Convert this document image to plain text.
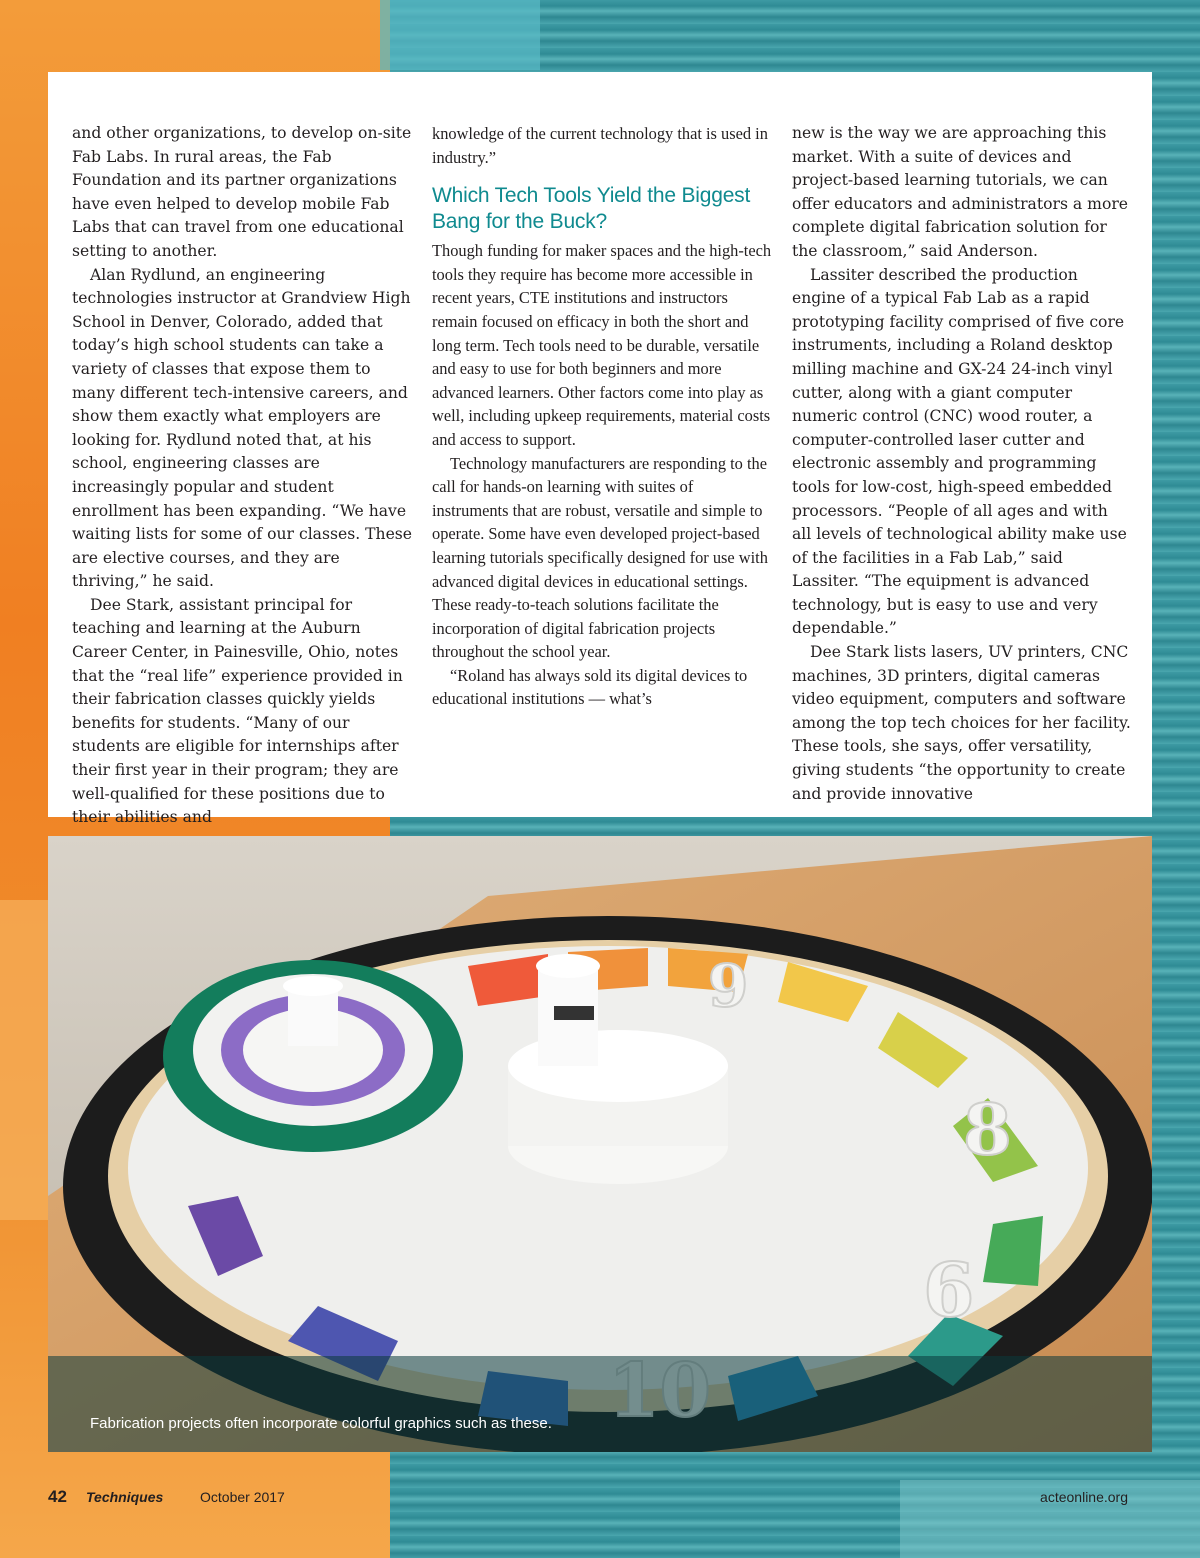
and other organizations, to develop on-site Fab Labs. In rural areas, the Fab Foundation and its partner organizations have even helped to develop mobile Fab Labs that can travel from one educational setting to another.

Alan Rydlund, an engineering technologies instructor at Grandview High School in Denver, Colorado, added that today’s high school students can take a variety of classes that expose them to many different tech-intensive careers, and show them exactly what employers are looking for. Rydlund noted that, at his school, engineering classes are increasingly popular and student enrollment has been expanding. “We have waiting lists for some of our classes. These are elective courses, and they are thriving,” he said.

Dee Stark, assistant principal for teaching and learning at the Auburn Career Center, in Painesville, Ohio, notes that the “real life” experience provided in their fabrication classes quickly yields benefits for students. “Many of our students are eligible for internships after their first year in their program; they are well-qualified for these positions due to their abilities and

knowledge of the current technology that is used in industry.”

Which Tech Tools Yield the Biggest Bang for the Buck?

Though funding for maker spaces and the high-tech tools they require has become more accessible in recent years, CTE institutions and instructors remain focused on efficacy in both the short and long term. Tech tools need to be durable, versatile and easy to use for both beginners and more advanced learners. Other factors come into play as well, including upkeep requirements, material costs and access to support.

Technology manufacturers are responding to the call for hands-on learning with suites of instruments that are robust, versatile and simple to operate. Some have even developed project-based learning tutorials specifically designed for use with advanced digital devices in educational settings. These ready-to-teach solutions facilitate the incorporation of digital fabrication projects throughout the school year.

“Roland has always sold its digital devices to educational institutions — what’s

new is the way we are approaching this market. With a suite of devices and project-based learning tutorials, we can offer educators and administrators a more complete digital fabrication solution for the classroom,” said Anderson.

Lassiter described the production engine of a typical Fab Lab as a rapid prototyping facility comprised of five core instruments, including a Roland desktop milling machine and GX-24 24-inch vinyl cutter, along with a giant computer numeric control (CNC) wood router, a computer-controlled laser cutter and electronic assembly and programming tools for low-cost, high-speed embedded processors. “People of all ages and with all levels of technological ability make use of the facilities in a Fab Lab,” said Lassiter. “The equipment is advanced technology, but is easy to use and very dependable.”

Dee Stark lists lasers, UV printers, CNC machines, 3D printers, digital cameras video equipment, computers and software among the top tech choices for her facility. These tools, she says, offer versatility, giving students “the opportunity to create and provide innovative

9
8
6
Fabrication projects often incorporate colorful graphics such as these.
42 Techniques	October 2017	acteonline.org
